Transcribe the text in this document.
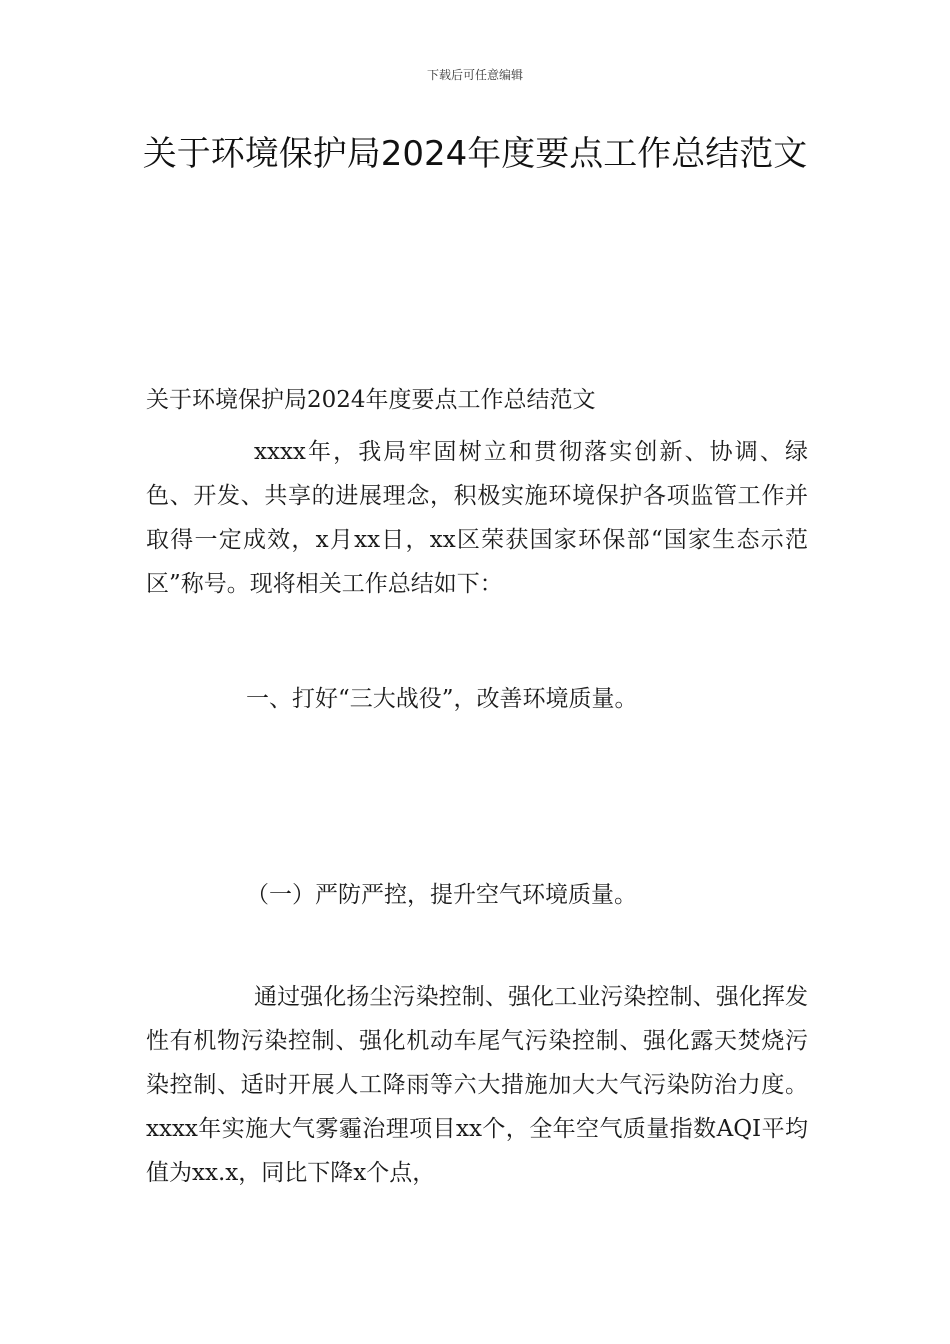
下载后可任意编辑
关于环境保护局2024年度要点工作总结范文

关于环境保护局2024年度要点工作总结范文

xxxx年，我局牢固树立和贯彻落实创新、协调、绿色、开发、共享的进展理念，积极实施环境保护各项监管工作并取得一定成效，x月xx日，xx区荣获国家环保部“国家生态示范区”称号。现将相关工作总结如下：

一、打好“三大战役”，改善环境质量。

（一）严防严控，提升空气环境质量。

通过强化扬尘污染控制、强化工业污染控制、强化挥发性有机物污染控制、强化机动车尾气污染控制、强化露天焚烧污染控制、适时开展人工降雨等六大措施加大大气污染防治力度。xxxx年实施大气雾霾治理项目xx个，全年空气质量指数AQI平均值为xx.x，同比下降x个点，
